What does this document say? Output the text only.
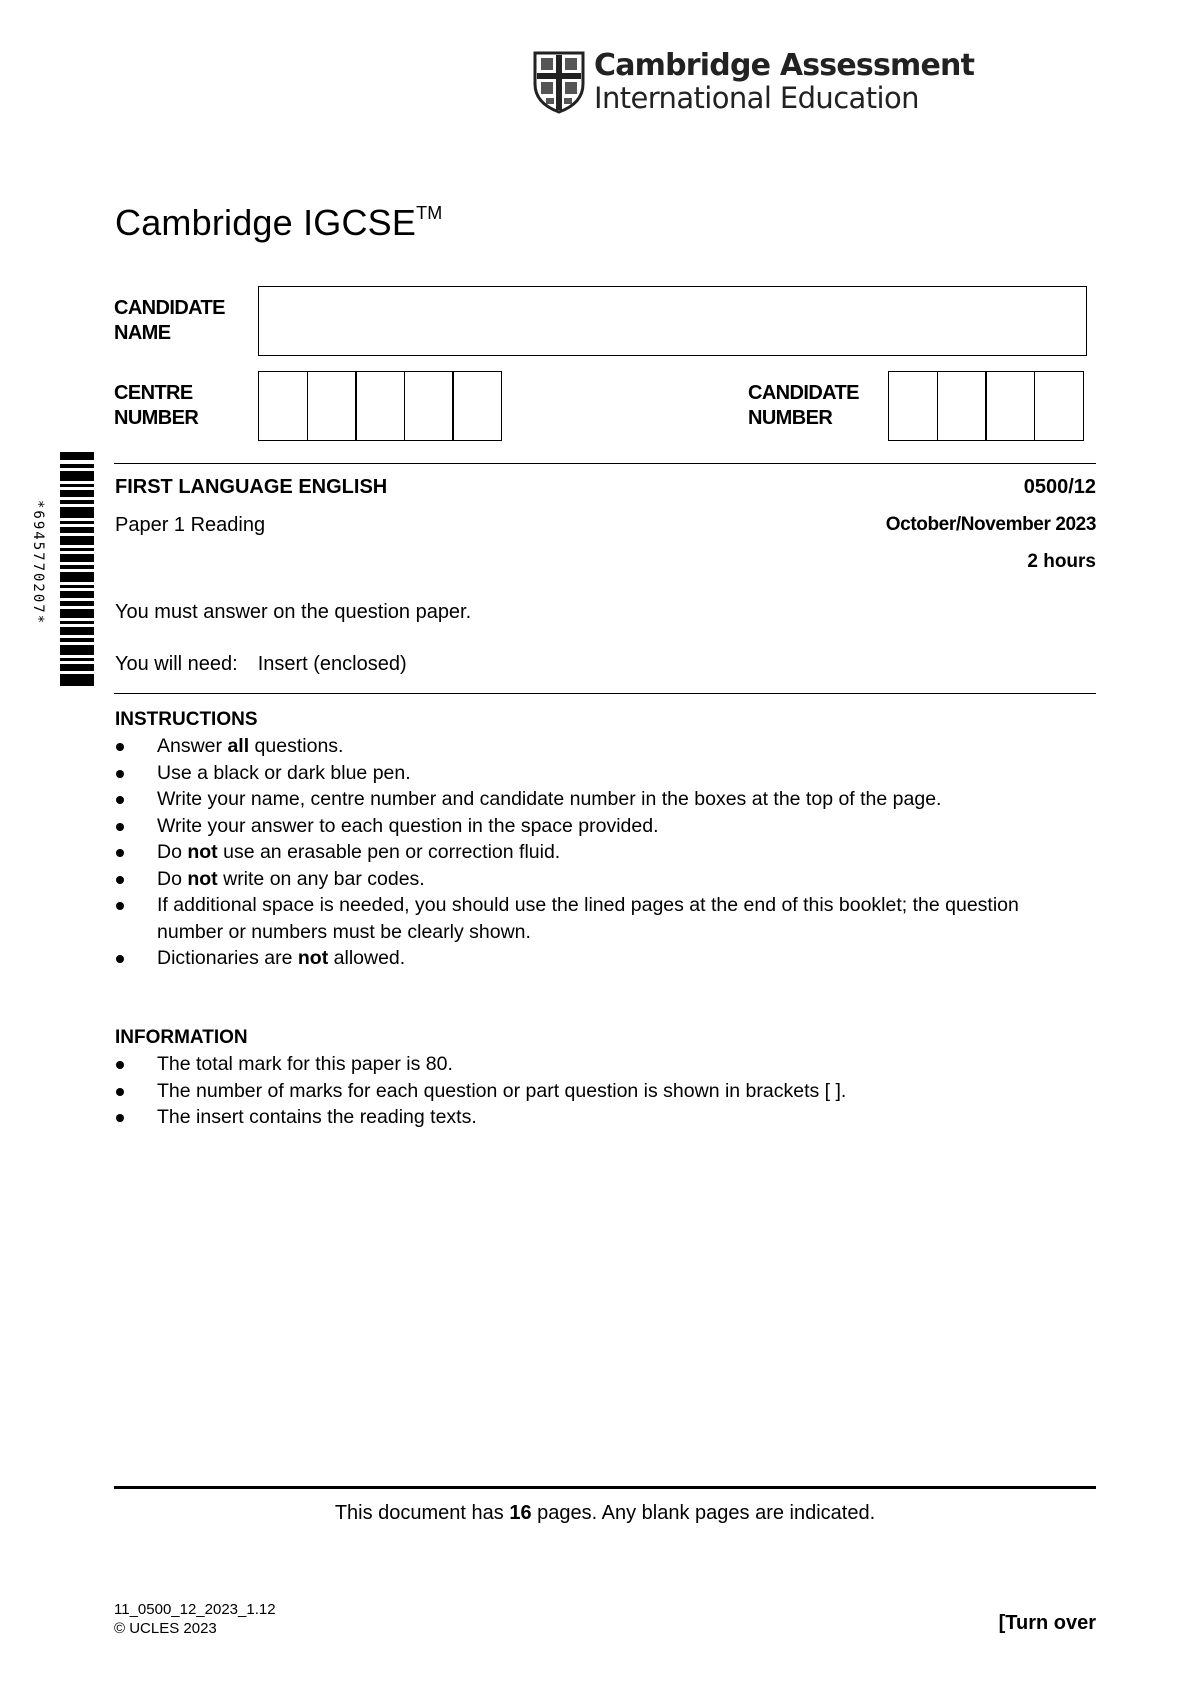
Cambridge Assessment
International Education
Cambridge IGCSE™
CANDIDATE
NAME
CENTRE
NUMBER
CANDIDATE
NUMBER
*6945770207*
FIRST LANGUAGE ENGLISH	0500/12
Paper 1 Reading	October/November 2023
2 hours
You must answer on the question paper.
You will need: Insert (enclosed)
INSTRUCTIONS
Answer all questions.
Use a black or dark blue pen.
Write your name, centre number and candidate number in the boxes at the top of the page.
Write your answer to each question in the space provided.
Do not use an erasable pen or correction fluid.
Do not write on any bar codes.
If additional space is needed, you should use the lined pages at the end of this booklet; the question number or numbers must be clearly shown.
Dictionaries are not allowed.
INFORMATION
The total mark for this paper is 80.
The number of marks for each question or part question is shown in brackets [ ].
The insert contains the reading texts.
This document has 16 pages. Any blank pages are indicated.
11_0500_12_2023_1.12
© UCLES 2023	[Turn over
